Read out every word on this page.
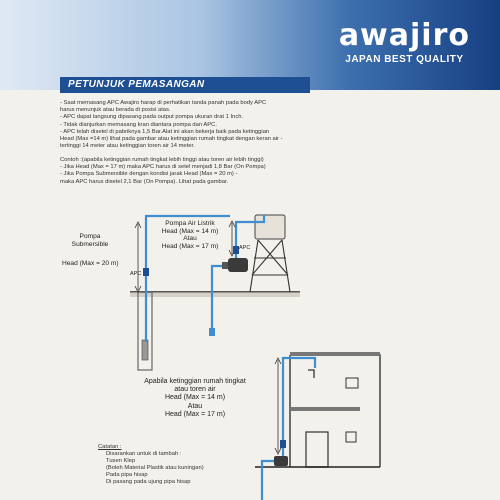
awajiro
JAPAN BEST QUALITY
PETUNJUK PEMASANGAN
- Saat memasang APC Awajiro harap di perhatikan tanda panah pada body APC
harus menunjuk atau berada di posisi atas.
- APC dapat langsung dipasang pada output pompa ukuran drat 1 Inch.
- Tidak dianjurkan memasang kran diantara pompa dan APC.
- APC telah disetel di pabriknya 1,5 Bar.Alat ini akan bekerja baik pada ketinggian
Head (Max =14 m) lihat pada gambar atau ketinggian rumah tingkat dengan keran air -
tertinggi 14 meter atau ketinggian toren air 14 meter.
Contoh :(apabila ketinggian rumah tingkat lebih tinggi atau toren air lebih tinggi)
- Jika Head (Max = 17 m) maka APC harus di setel menjadi 1,8 Bar (On Pompa)
- Jika Pompa Submersible dengan kondisi jarak Head (Max = 20 m) -
maka APC harus disetel 2,1 Bar (On Pompa). Lihat pada gambar.
Pompa
Submersible
Head (Max = 20 m)
Pompa Air Listrik
Head (Max = 14 m)
Atau
Head (Max = 17 m)
APC
APC
Apabila ketinggian rumah tingkat
atau toren air
Head (Max = 14 m)
Atau
Head (Max = 17 m)
Catatan :
Disarankan untuk di tambah :
Tusen Klep
(Boleh Material Plastik atau kuningan)
Pada pipa hisap
Di pasang pada ujung pipa hisap
